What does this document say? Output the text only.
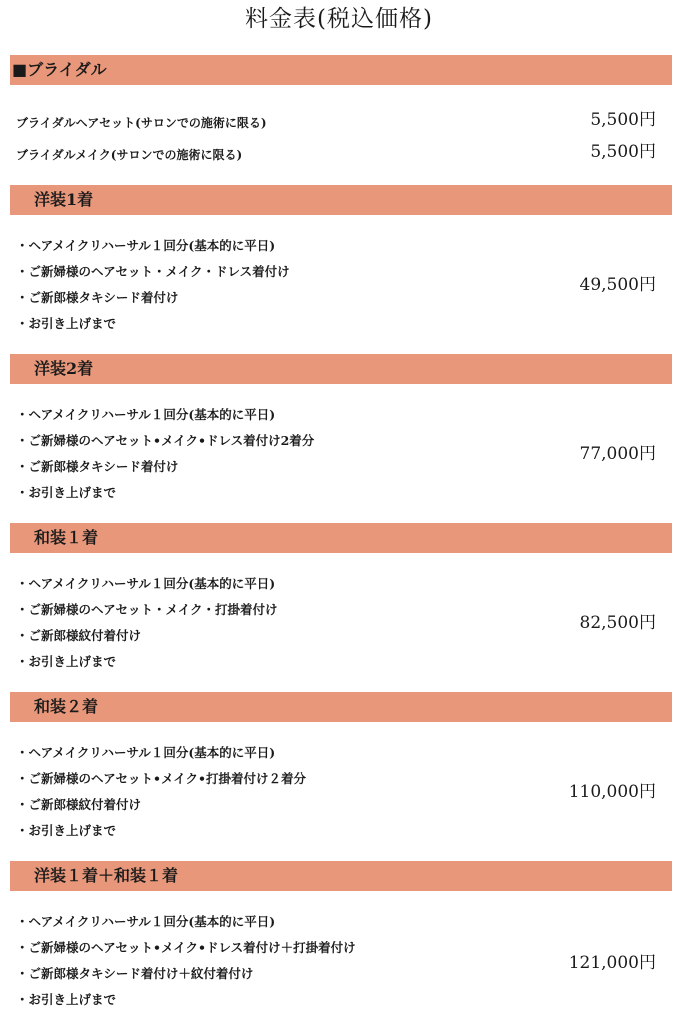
料金表(税込価格)
■ブライダル
ブライダルヘアセット(サロンでの施術に限る)	5,500円
ブライダルメイク(サロンでの施術に限る)	5,500円
洋装1着
・ヘアメイクリハーサル１回分(基本的に平日)
・ご新婦様のヘアセット・メイク・ドレス着付け
・ご新郎様タキシード着付け
・お引き上げまで
49,500円
洋装2着
・ヘアメイクリハーサル１回分(基本的に平日)
・ご新婦様のヘアセット•メイク•ドレス着付け2着分
・ご新郎様タキシード着付け
・お引き上げまで
77,000円
和装１着
・ヘアメイクリハーサル１回分(基本的に平日)
・ご新婦様のヘアセット・メイク・打掛着付け
・ご新郎様紋付着付け
・お引き上げまで
82,500円
和装２着
・ヘアメイクリハーサル１回分(基本的に平日)
・ご新婦様のヘアセット•メイク•打掛着付け２着分
・ご新郎様紋付着付け
・お引き上げまで
110,000円
洋装１着＋和装１着
・ヘアメイクリハーサル１回分(基本的に平日)
・ご新婦様のヘアセット•メイク•ドレス着付け＋打掛着付け
・ご新郎様タキシード着付け＋紋付着付け
・お引き上げまで
121,000円
